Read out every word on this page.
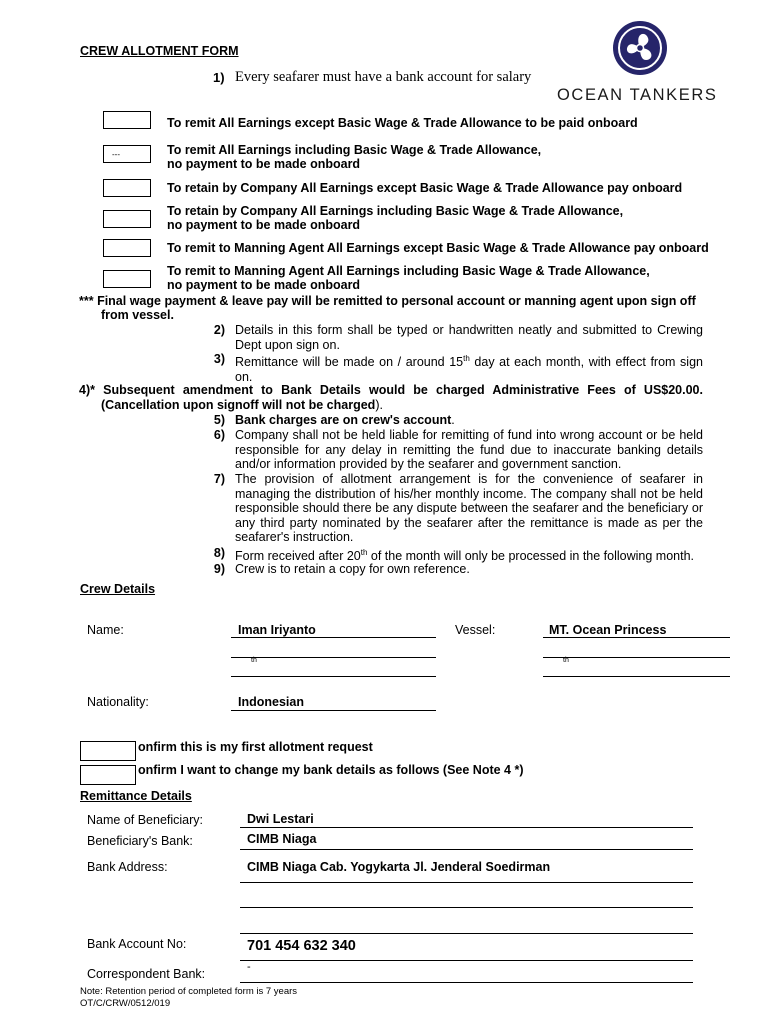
CREW ALLOTMENT FORM
1) Every seafarer must have a bank account for salary
OCEAN TANKERS
To remit All Earnings except Basic Wage & Trade Allowance to be paid onboard
---	To remit All Earnings including Basic Wage & Trade Allowance,
no payment to be made onboard
To retain by Company All Earnings except Basic Wage & Trade Allowance pay onboard
To retain by Company All Earnings including Basic Wage & Trade Allowance,
no payment to be made onboard
To remit to Manning Agent All Earnings except Basic Wage & Trade Allowance pay onboard
To remit to Manning Agent All Earnings including Basic Wage & Trade Allowance,
no payment to be made onboard
*** Final wage payment & leave pay will be remitted to personal account or manning agent upon sign off
from vessel.
2) Details in this form shall be typed or handwritten neatly and submitted to Crewing Dept upon sign on.
3) Remittance will be made on / around 15th day at each month, with effect from sign on.
4)* Subsequent amendment to Bank Details would be charged Administrative Fees of US$20.00.
(Cancellation upon signoff will not be charged).
5) Bank charges are on crew's account.
6) Company shall not be held liable for remitting of fund into wrong account or be held responsible for any delay in remitting the fund due to inaccurate banking details and/or information provided by the seafarer and government sanction.
7) The provision of allotment arrangement is for the convenience of seafarer in managing the distribution of his/her monthly income. The company shall not be held responsible should there be any dispute between the seafarer and the beneficiary or any third party nominated by the seafarer after the remittance is made as per the seafarer's instruction.
8) Form received after 20th of the month will only be processed in the following month.
9) Crew is to retain a copy for own reference.
Crew Details
Name:	Iman Iriyanto	Vessel:	MT. Ocean Princess
th	th
Nationality:	Indonesian
onfirm this is my first allotment request
onfirm I want to change my bank details as follows (See Note 4 *)
Remittance Details
Name of Beneficiary:	Dwi Lestari
Beneficiary's Bank:	CIMB Niaga
Bank Address:	CIMB Niaga Cab. Yogykarta Jl. Jenderal Soedirman
Bank Account No:	701 454 632 340
Correspondent Bank:	-
Note: Retention period of completed form is 7 years
OT/C/CRW/0512/019
